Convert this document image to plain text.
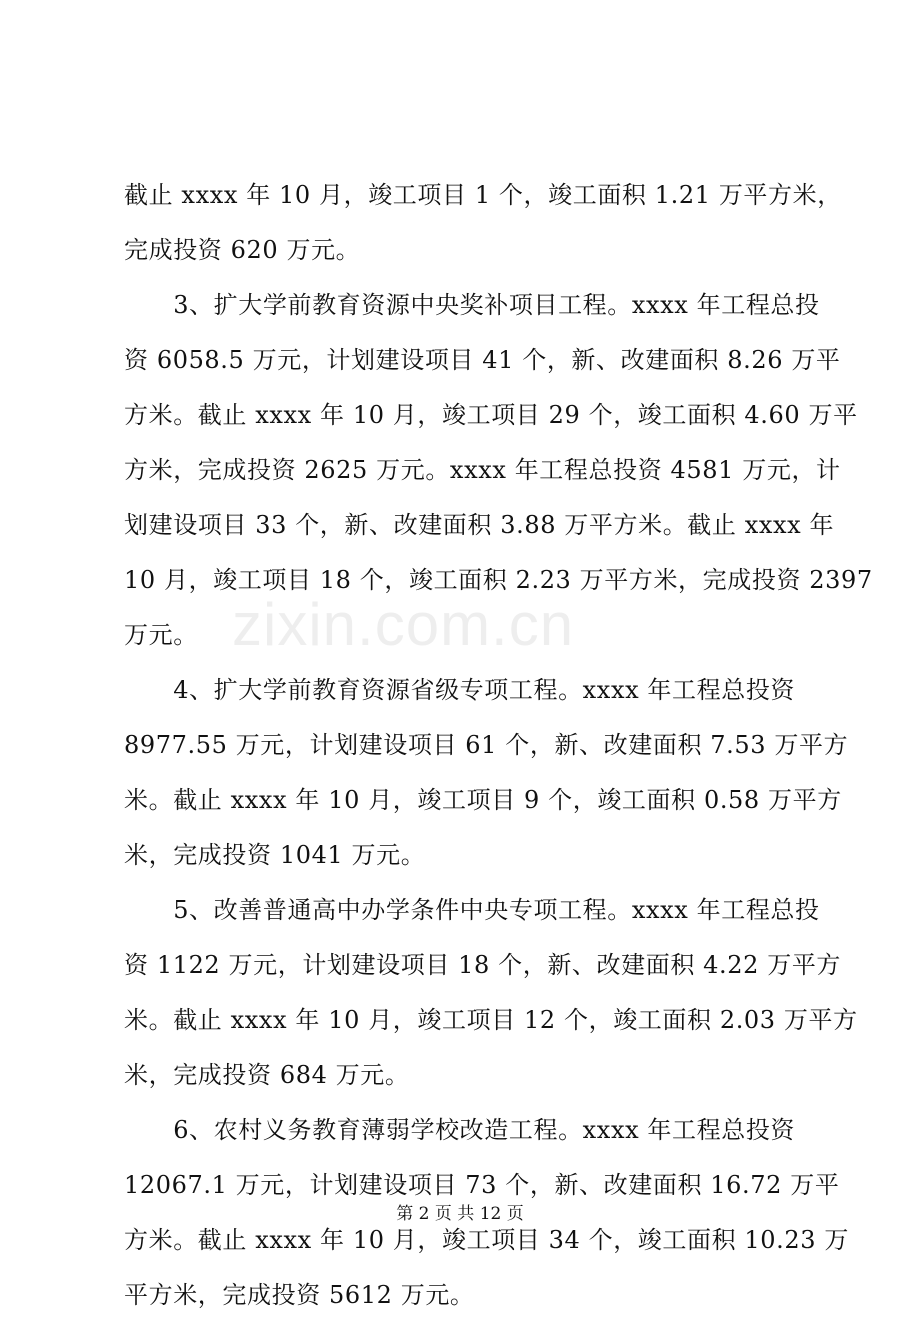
zixin.com.cn
截止 xxxx 年 10 月，竣工项目 1 个，竣工面积 1.21 万平方米，
完成投资 620 万元。
　　3、扩大学前教育资源中央奖补项目工程。xxxx 年工程总投
资 6058.5 万元，计划建设项目 41 个，新、改建面积 8.26 万平
方米。截止 xxxx 年 10 月，竣工项目 29 个，竣工面积 4.60 万平
方米，完成投资 2625 万元。xxxx 年工程总投资 4581 万元，计
划建设项目 33 个，新、改建面积 3.88 万平方米。截止 xxxx 年
10 月，竣工项目 18 个，竣工面积 2.23 万平方米，完成投资 2397
万元。
　　4、扩大学前教育资源省级专项工程。xxxx 年工程总投资
8977.55 万元，计划建设项目 61 个，新、改建面积 7.53 万平方
米。截止 xxxx 年 10 月，竣工项目 9 个，竣工面积 0.58 万平方
米，完成投资 1041 万元。
　　5、改善普通高中办学条件中央专项工程。xxxx 年工程总投
资 1122 万元，计划建设项目 18 个，新、改建面积 4.22 万平方
米。截止 xxxx 年 10 月，竣工项目 12 个，竣工面积 2.03 万平方
米，完成投资 684 万元。
　　6、农村义务教育薄弱学校改造工程。xxxx 年工程总投资
12067.1 万元，计划建设项目 73 个，新、改建面积 16.72 万平
方米。截止 xxxx 年 10 月，竣工项目 34 个，竣工面积 10.23 万
平方米，完成投资 5612 万元。
第 2 页 共 12 页
